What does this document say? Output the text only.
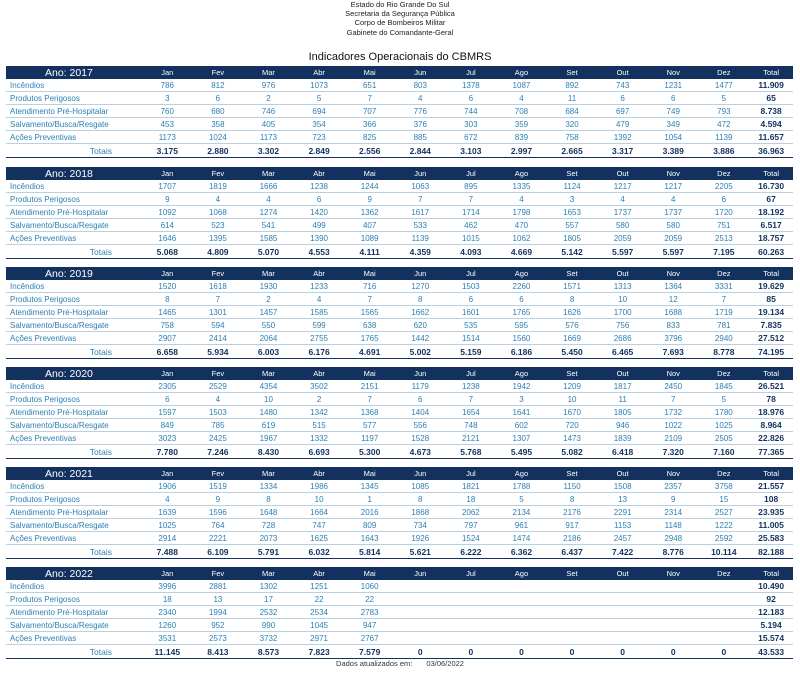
Estado do Rio Grande Do Sul
Secretaria da Segurança Pública
Corpo de Bombeiros Militar
Gabinete do Comandante-Geral
Indicadores Operacionais do CBMRS
Ano: 2017	Jan	Fev	Mar	Abr	Mai	Jun	Jul	Ago	Set	Out	Nov	Dez	Total
Incêndios	786	812	976	1073	651	803	1378	1087	892	743	1231	1477	11.909
Produtos Perigosos	3	6	2	5	7	4	6	4	11	6	6	5	65
Atendimento Pré-Hospitalar	760	680	746	694	707	776	744	708	684	697	749	793	8.738
Salvamento/Busca/Resgate	453	358	405	354	366	376	303	359	320	479	349	472	4.594
Ações Preventivas	1173	1024	1173	723	825	885	672	839	758	1392	1054	1139	11.657
Totais	3.175	2.880	3.302	2.849	2.556	2.844	3.103	2.997	2.665	3.317	3.389	3.886	36.963
Ano: 2018	Jan	Fev	Mar	Abr	Mai	Jun	Jul	Ago	Set	Out	Nov	Dez	Total
Incêndios	1707	1819	1666	1238	1244	1063	895	1335	1124	1217	1217	2205	16.730
Produtos Perigosos	9	4	4	6	9	7	7	4	3	4	4	6	67
Atendimento Pré-Hospitalar	1092	1068	1274	1420	1362	1617	1714	1798	1653	1737	1737	1720	18.192
Salvamento/Busca/Resgate	614	523	541	499	407	533	462	470	557	580	580	751	6.517
Ações Preventivas	1646	1395	1585	1390	1089	1139	1015	1062	1805	2059	2059	2513	18.757
Totais	5.068	4.809	5.070	4.553	4.111	4.359	4.093	4.669	5.142	5.597	5.597	7.195	60.263
Ano: 2019	Jan	Fev	Mar	Abr	Mai	Jun	Jul	Ago	Set	Out	Nov	Dez	Total
Incêndios	1520	1618	1930	1233	716	1270	1503	2260	1571	1313	1364	3331	19.629
Produtos Perigosos	8	7	2	4	7	8	6	6	8	10	12	7	85
Atendimento Pré-Hospitalar	1465	1301	1457	1585	1565	1662	1601	1765	1626	1700	1688	1719	19.134
Salvamento/Busca/Resgate	758	594	550	599	638	620	535	595	576	756	833	781	7.835
Ações Preventivas	2907	2414	2064	2755	1765	1442	1514	1560	1669	2686	3796	2940	27.512
Totais	6.658	5.934	6.003	6.176	4.691	5.002	5.159	6.186	5.450	6.465	7.693	8.778	74.195
Ano: 2020	Jan	Fev	Mar	Abr	Mai	Jun	Jul	Ago	Set	Out	Nov	Dez	Total
Incêndios	2305	2529	4354	3502	2151	1179	1238	1942	1209	1817	2450	1845	26.521
Produtos Perigosos	6	4	10	2	7	6	7	3	10	11	7	5	78
Atendimento Pré-Hospitalar	1597	1503	1480	1342	1368	1404	1654	1641	1670	1805	1732	1780	18.976
Salvamento/Busca/Resgate	849	785	619	515	577	556	748	602	720	946	1022	1025	8.964
Ações Preventivas	3023	2425	1967	1332	1197	1528	2121	1307	1473	1839	2109	2505	22.826
Totais	7.780	7.246	8.430	6.693	5.300	4.673	5.768	5.495	5.082	6.418	7.320	7.160	77.365
Ano: 2021	Jan	Fev	Mar	Abr	Mai	Jun	Jul	Ago	Set	Out	Nov	Dez	Total
Incêndios	1906	1519	1334	1986	1345	1085	1821	1788	1150	1508	2357	3758	21.557
Produtos Perigosos	4	9	8	10	1	8	18	5	8	13	9	15	108
Atendimento Pré-Hospitalar	1639	1596	1648	1664	2016	1868	2062	2134	2176	2291	2314	2527	23.935
Salvamento/Busca/Resgate	1025	764	728	747	809	734	797	961	917	1153	1148	1222	11.005
Ações Preventivas	2914	2221	2073	1625	1643	1926	1524	1474	2186	2457	2948	2592	25.583
Totais	7.488	6.109	5.791	6.032	5.814	5.621	6.222	6.362	6.437	7.422	8.776	10.114	82.188
Ano: 2022	Jan	Fev	Mar	Abr	Mai	Jun	Jul	Ago	Set	Out	Nov	Dez	Total
Incêndios	3996	2881	1302	1251	1060								10.490
Produtos Perigosos	18	13	17	22	22								92
Atendimento Pré-Hospitalar	2340	1994	2532	2534	2783								12.183
Salvamento/Busca/Resgate	1260	952	990	1045	947								5.194
Ações Preventivas	3531	2573	3732	2971	2767								15.574
Totais	11.145	8.413	8.573	7.823	7.579	0	0	0	0	0	0	0	43.533
Dados atualizados em: 03/06/2022
